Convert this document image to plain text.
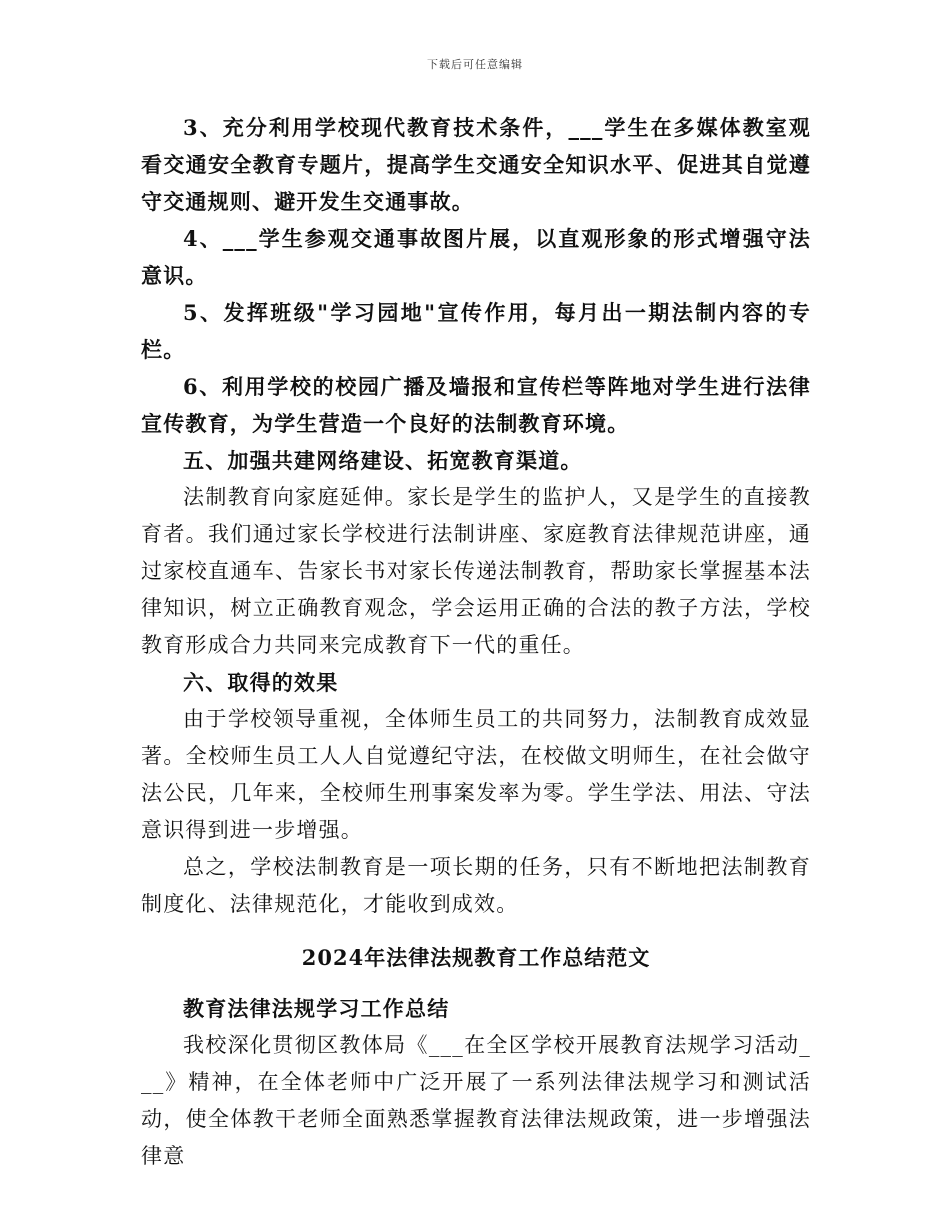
下载后可任意编辑

3、充分利用学校现代教育技术条件，___学生在多媒体教室观看交通安全教育专题片，提高学生交通安全知识水平、促进其自觉遵守交通规则、避开发生交通事故。

4、___学生参观交通事故图片展，以直观形象的形式增强守法意识。

5、发挥班级"学习园地"宣传作用，每月出一期法制内容的专栏。

6、利用学校的校园广播及墙报和宣传栏等阵地对学生进行法律宣传教育，为学生营造一个良好的法制教育环境。

五、加强共建网络建设、拓宽教育渠道。

法制教育向家庭延伸。家长是学生的监护人，又是学生的直接教育者。我们通过家长学校进行法制讲座、家庭教育法律规范讲座，通过家校直通车、告家长书对家长传递法制教育，帮助家长掌握基本法律知识，树立正确教育观念，学会运用正确的合法的教子方法，学校教育形成合力共同来完成教育下一代的重任。

六、取得的效果

由于学校领导重视，全体师生员工的共同努力，法制教育成效显著。全校师生员工人人自觉遵纪守法，在校做文明师生，在社会做守法公民，几年来，全校师生刑事案发率为零。学生学法、用法、守法意识得到进一步增强。

总之，学校法制教育是一项长期的任务，只有不断地把法制教育制度化、法律规范化，才能收到成效。

2024年法律法规教育工作总结范文

教育法律法规学习工作总结

我校深化贯彻区教体局《___在全区学校开展教育法规学习活动___》精神，在全体老师中广泛开展了一系列法律法规学习和测试活动，使全体教干老师全面熟悉掌握教育法律法规政策，进一步增强法律意
